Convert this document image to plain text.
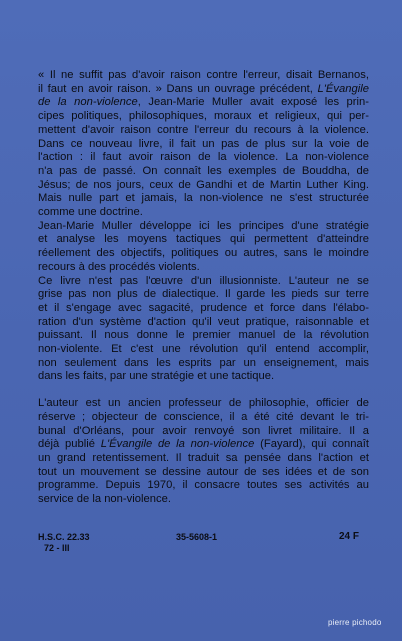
« Il ne suffit pas d'avoir raison contre l'erreur, disait Bernanos,
il faut en avoir raison. » Dans un ouvrage précédent, L'Évangile
de la non-violence, Jean-Marie Muller avait exposé les prin-
cipes politiques, philosophiques, moraux et religieux, qui per-
mettent d'avoir raison contre l'erreur du recours à la violence.
Dans ce nouveau livre, il fait un pas de plus sur la voie de
l'action : il faut avoir raison de la violence. La non-violence
n'a pas de passé. On connaît les exemples de Bouddha, de
Jésus; de nos jours, ceux de Gandhi et de Martin Luther King.
Mais nulle part et jamais, la non-violence ne s'est structurée
comme une doctrine.

Jean-Marie Muller développe ici les principes d'une stratégie
et analyse les moyens tactiques qui permettent d'atteindre
réellement des objectifs, politiques ou autres, sans le moindre
recours à des procédés violents.

Ce livre n'est pas l'œuvre d'un illusionniste. L'auteur ne se
grise pas non plus de dialectique. Il garde les pieds sur terre
et il s'engage avec sagacité, prudence et force dans l'élabo-
ration d'un système d'action qu'il veut pratique, raisonnable et
puissant. Il nous donne le premier manuel de la révolution
non-violente. Et c'est une révolution qu'il entend accomplir,
non seulement dans les esprits par un enseignement, mais
dans les faits, par une stratégie et une tactique.

L'auteur est un ancien professeur de philosophie, officier de
réserve ; objecteur de conscience, il a été cité devant le tri-
bunal d'Orléans, pour avoir renvoyé son livret militaire. Il a
déjà publié L'Évangile de la non-violence (Fayard), qui connaît
un grand retentissement. Il traduit sa pensée dans l'action et
tout un mouvement se dessine autour de ses idées et de son
programme. Depuis 1970, il consacre toutes ses activités au
service de la non-violence.

H.S.C. 22.33
72 - III
35-5608-1	24 F
pierre pichodo
